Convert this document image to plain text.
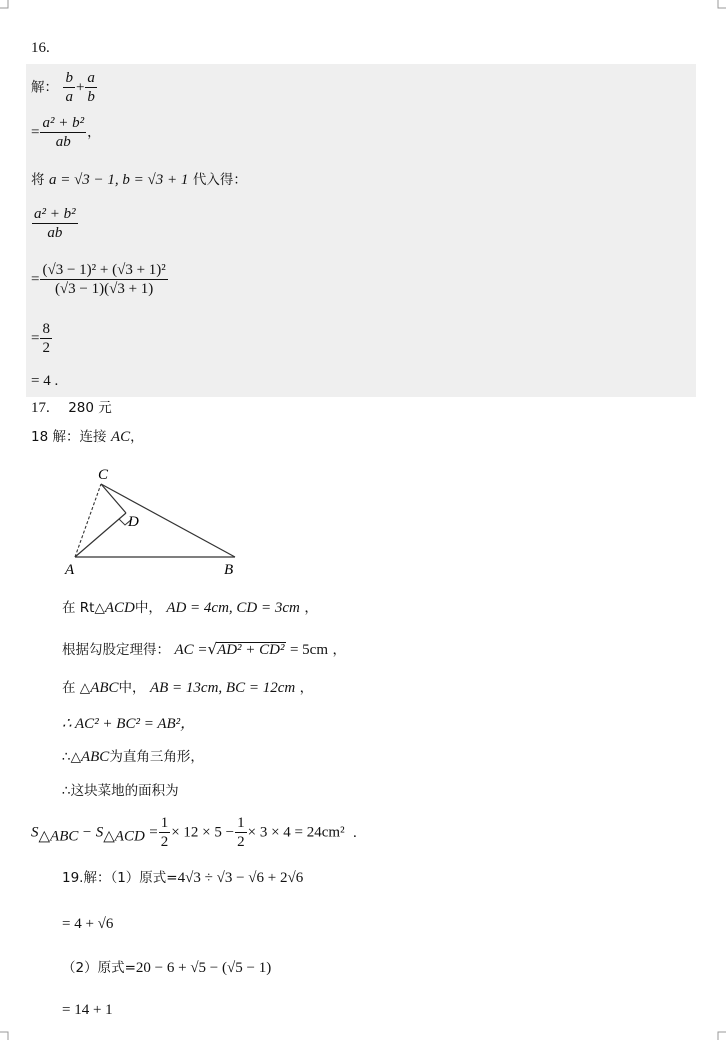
16.
解： $\frac{b}{a} + \frac{a}{b}$
= $\frac{\text{a² + b²}}{ab}$ ，
将 a = √3 − 1, b = √3 + 1 代入得：
$\frac{\text{a² + b²}}{ab}$
= $\frac{\text{(√3 − 1)² + (√3 + 1)²}}{(√3 - 1)(√3 + 1)}$
= $\frac{8}{2}$
= 4 .
17. 280 元
18 解：连接 AC，
C
D
A	B
在 Rt△ACD中， AD = 4cm, CD = 3cm ，
根据勾股定理得： AC =√AD² + CD² = 5cm ，
在 △ABC中， AB = 13cm, BC = 12cm ，
∴ AC² + BC² = AB²，
∴△ABC为直角三角形，
∴这块菜地的面积为
$S_{\triangle ABC} - S_{\triangle ACD} = \frac{1}{2} \times 12 \times 5 - \frac{1}{2} \times 3 \times 4 = 24cm^2$ .
19.解：（1）原式=4√3 ÷ √3 − √6 + 2√6
= 4 + √6
（2）原式=20 − 6 + √5 − (√5 − 1)
= 14 + 1
